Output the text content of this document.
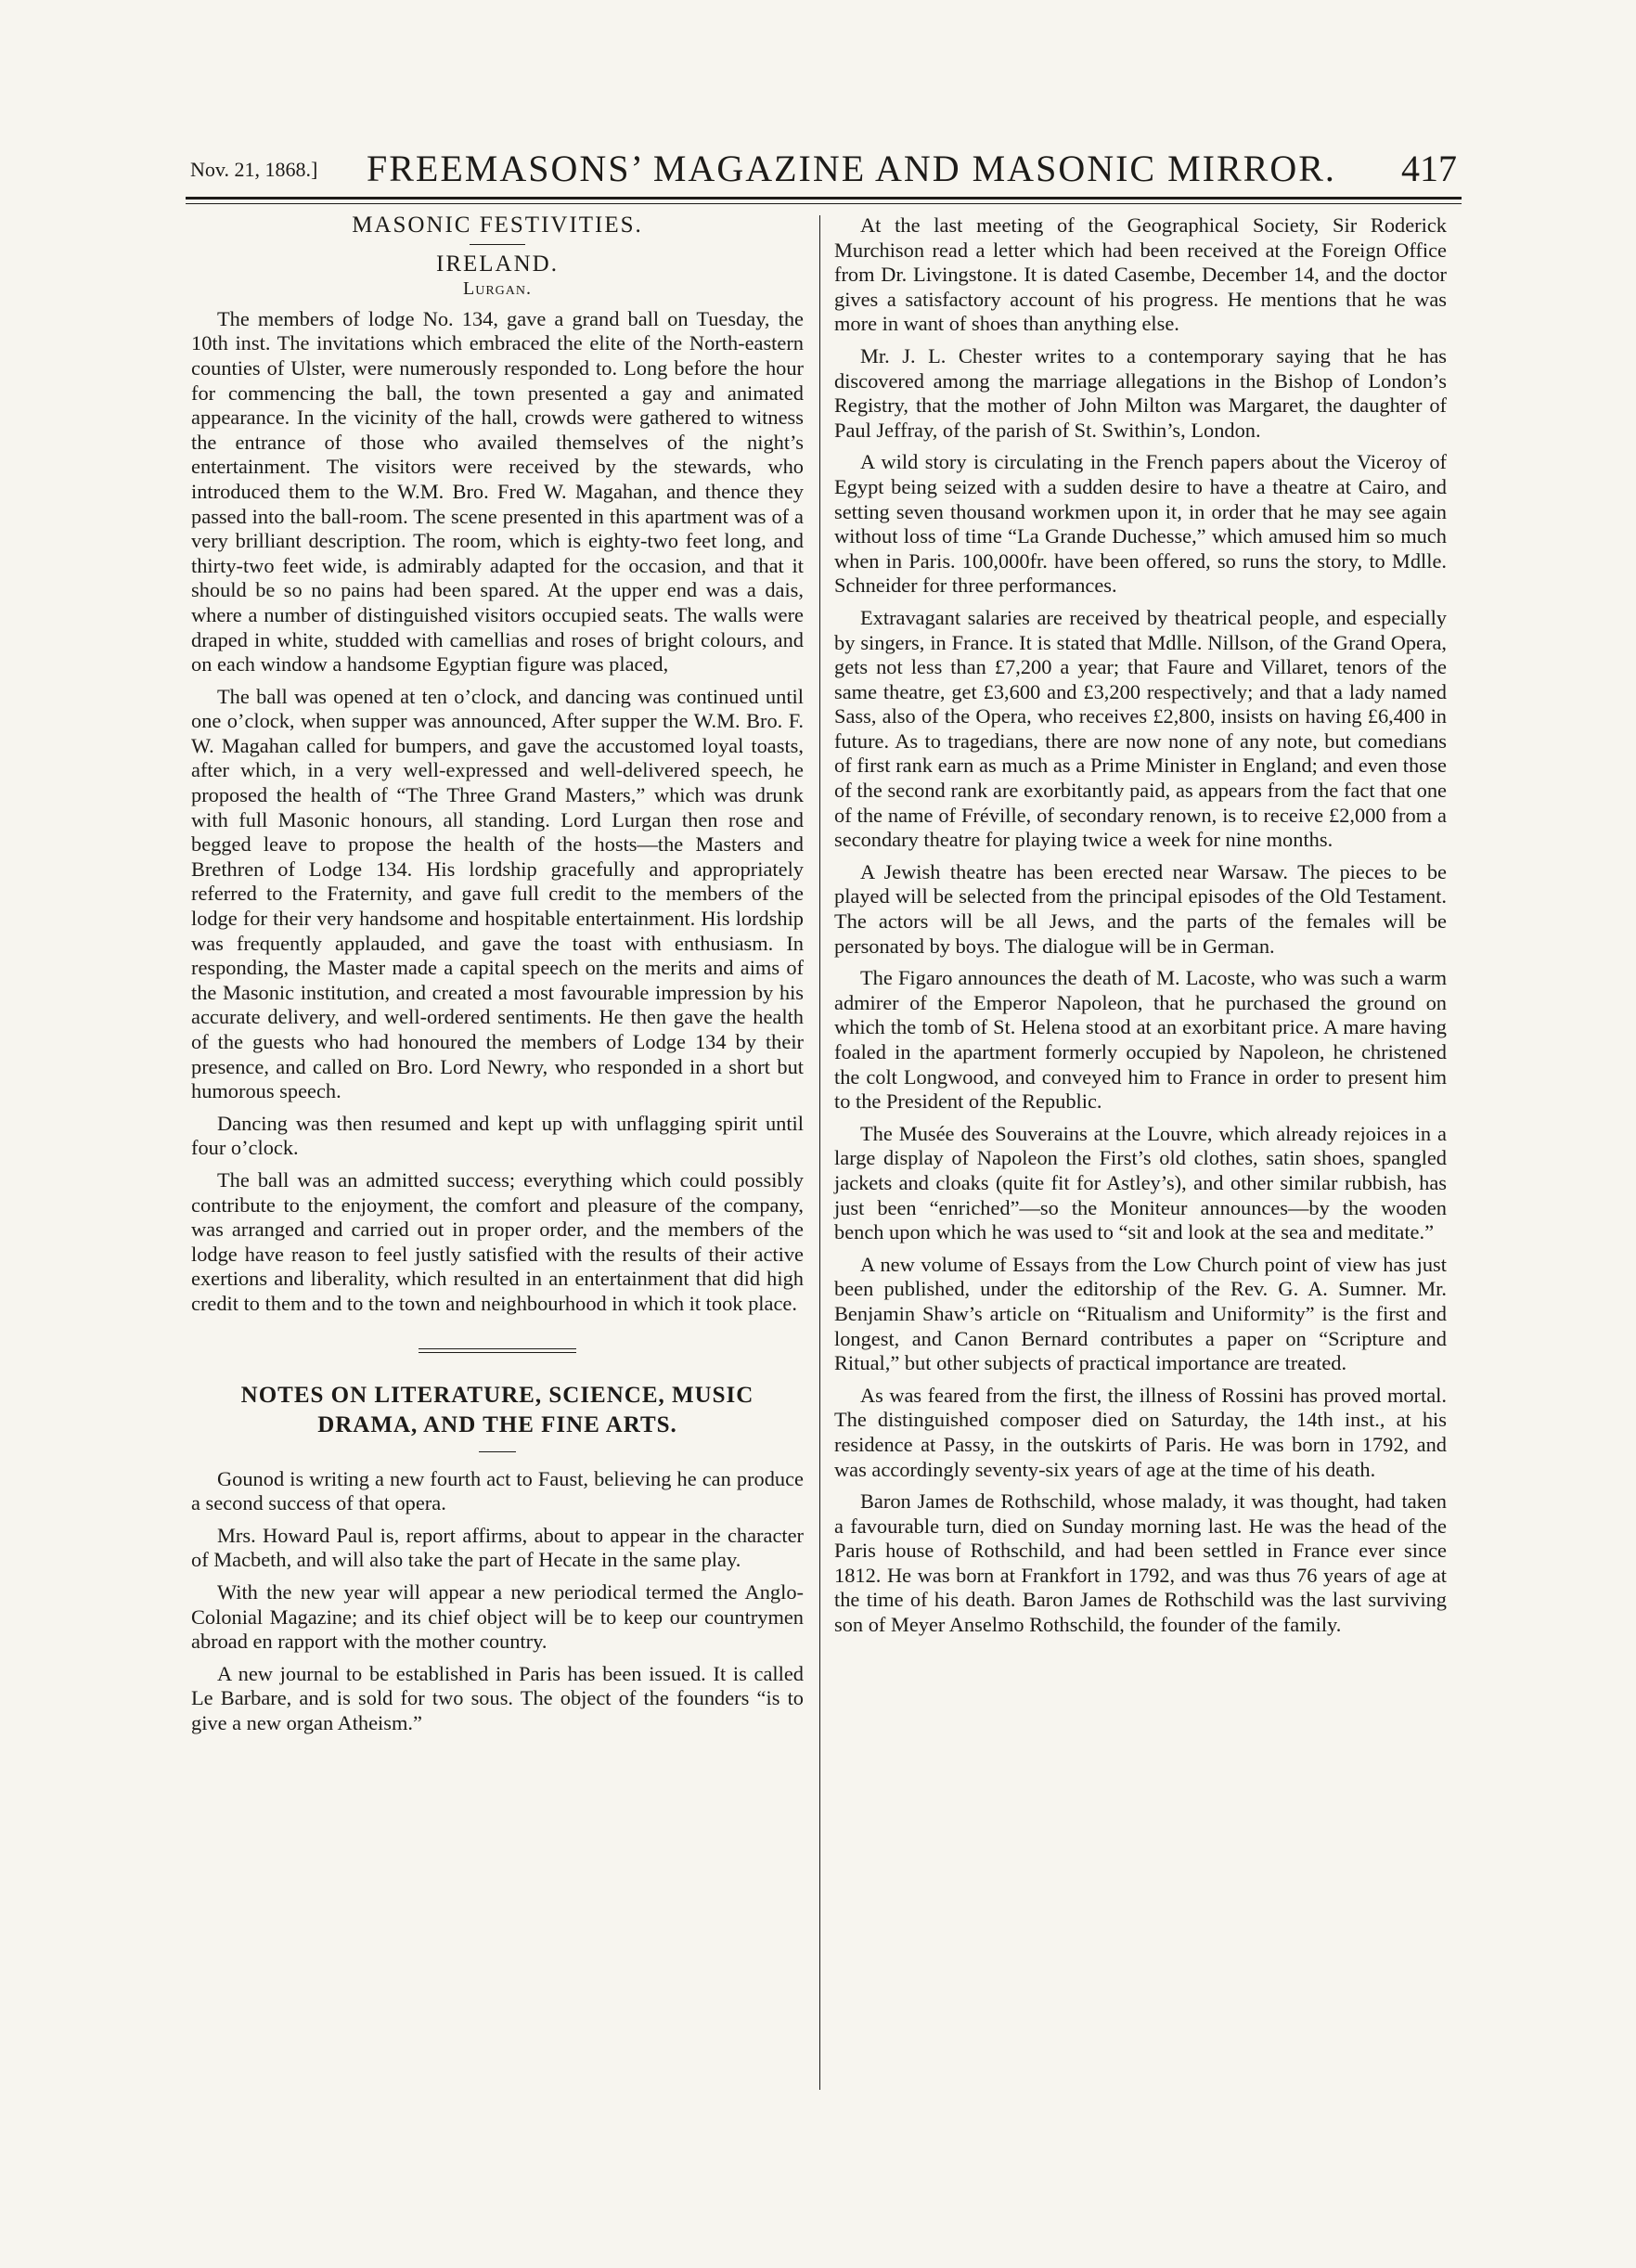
Nov. 21, 1868.] FREEMASONS’ MAGAZINE AND MASONIC MIRROR. 417
MASONIC FESTIVITIES.
IRELAND.
Lurgan.

The members of lodge No. 134, gave a grand ball on Tuesday, the 10th inst. The invitations which embraced the elite of the North-eastern counties of Ulster, were numerously responded to. Long before the hour for commencing the ball, the town presented a gay and animated appearance. In the vicinity of the hall, crowds were gathered to witness the entrance of those who availed themselves of the night’s entertainment. The visitors were received by the stewards, who introduced them to the W.M. Bro. Fred W. Magahan, and thence they passed into the ball-room. The scene presented in this apartment was of a very brilliant description. The room, which is eighty-two feet long, and thirty-two feet wide, is admirably adapted for the occasion, and that it should be so no pains had been spared. At the upper end was a dais, where a number of distinguished visitors occupied seats. The walls were draped in white, studded with camellias and roses of bright colours, and on each window a handsome Egyptian figure was placed,

The ball was opened at ten o’clock, and dancing was continued until one o’clock, when supper was announced, After supper the W.M. Bro. F. W. Magahan called for bumpers, and gave the accustomed loyal toasts, after which, in a very well-expressed and well-delivered speech, he proposed the health of “The Three Grand Masters,” which was drunk with full Masonic honours, all standing. Lord Lurgan then rose and begged leave to propose the health of the hosts—the Masters and Brethren of Lodge 134. His lordship gracefully and appropriately referred to the Fraternity, and gave full credit to the members of the lodge for their very handsome and hospitable entertainment. His lordship was frequently applauded, and gave the toast with enthusiasm. In responding, the Master made a capital speech on the merits and aims of the Masonic institution, and created a most favourable impression by his accurate delivery, and well-ordered sentiments. He then gave the health of the guests who had honoured the members of Lodge 134 by their presence, and called on Bro. Lord Newry, who responded in a short but humorous speech.

Dancing was then resumed and kept up with unflagging spirit until four o’clock.

The ball was an admitted success; everything which could possibly contribute to the enjoyment, the comfort and pleasure of the company, was arranged and carried out in proper order, and the members of the lodge have reason to feel justly satisfied with the results of their active exertions and liberality, which resulted in an entertainment that did high credit to them and to the town and neighbourhood in which it took place.

NOTES ON LITERATURE, SCIENCE, MUSIC
DRAMA, AND THE FINE ARTS.

Gounod is writing a new fourth act to Faust, believing he can produce a second success of that opera.

Mrs. Howard Paul is, report affirms, about to appear in the character of Macbeth, and will also take the part of Hecate in the same play.

With the new year will appear a new periodical termed the Anglo-Colonial Magazine; and its chief object will be to keep our countrymen abroad en rapport with the mother country.

A new journal to be established in Paris has been issued. It is called Le Barbare, and is sold for two sous. The object of the founders “is to give a new organ Atheism.”

At the last meeting of the Geographical Society, Sir Roderick Murchison read a letter which had been received at the Foreign Office from Dr. Livingstone. It is dated Casembe, December 14, and the doctor gives a satisfactory account of his progress. He mentions that he was more in want of shoes than anything else.

Mr. J. L. Chester writes to a contemporary saying that he has discovered among the marriage allegations in the Bishop of London’s Registry, that the mother of John Milton was Margaret, the daughter of Paul Jeffray, of the parish of St. Swithin’s, London.

A wild story is circulating in the French papers about the Viceroy of Egypt being seized with a sudden desire to have a theatre at Cairo, and setting seven thousand workmen upon it, in order that he may see again without loss of time “La Grande Duchesse,” which amused him so much when in Paris. 100,000fr. have been offered, so runs the story, to Mdlle. Schneider for three performances.

Extravagant salaries are received by theatrical people, and especially by singers, in France. It is stated that Mdlle. Nillson, of the Grand Opera, gets not less than £7,200 a year; that Faure and Villaret, tenors of the same theatre, get £3,600 and £3,200 respectively; and that a lady named Sass, also of the Opera, who receives £2,800, insists on having £6,400 in future. As to tragedians, there are now none of any note, but comedians of first rank earn as much as a Prime Minister in England; and even those of the second rank are exorbitantly paid, as appears from the fact that one of the name of Fréville, of secondary renown, is to receive £2,000 from a secondary theatre for playing twice a week for nine months.

A Jewish theatre has been erected near Warsaw. The pieces to be played will be selected from the principal episodes of the Old Testament. The actors will be all Jews, and the parts of the females will be personated by boys. The dialogue will be in German.

The Figaro announces the death of M. Lacoste, who was such a warm admirer of the Emperor Napoleon, that he purchased the ground on which the tomb of St. Helena stood at an exorbitant price. A mare having foaled in the apartment formerly occupied by Napoleon, he christened the colt Longwood, and conveyed him to France in order to present him to the President of the Republic.

The Musée des Souverains at the Louvre, which already rejoices in a large display of Napoleon the First’s old clothes, satin shoes, spangled jackets and cloaks (quite fit for Astley’s), and other similar rubbish, has just been “enriched”—so the Moniteur announces—by the wooden bench upon which he was used to “sit and look at the sea and meditate.”

A new volume of Essays from the Low Church point of view has just been published, under the editorship of the Rev. G. A. Sumner. Mr. Benjamin Shaw’s article on “Ritualism and Uniformity” is the first and longest, and Canon Bernard contributes a paper on “Scripture and Ritual,” but other subjects of practical importance are treated.

As was feared from the first, the illness of Rossini has proved mortal. The distinguished composer died on Saturday, the 14th inst., at his residence at Passy, in the outskirts of Paris. He was born in 1792, and was accordingly seventy-six years of age at the time of his death.

Baron James de Rothschild, whose malady, it was thought, had taken a favourable turn, died on Sunday morning last. He was the head of the Paris house of Rothschild, and had been settled in France ever since 1812. He was born at Frankfort in 1792, and was thus 76 years of age at the time of his death. Baron James de Rothschild was the last surviving son of Meyer Anselmo Rothschild, the founder of the family.
